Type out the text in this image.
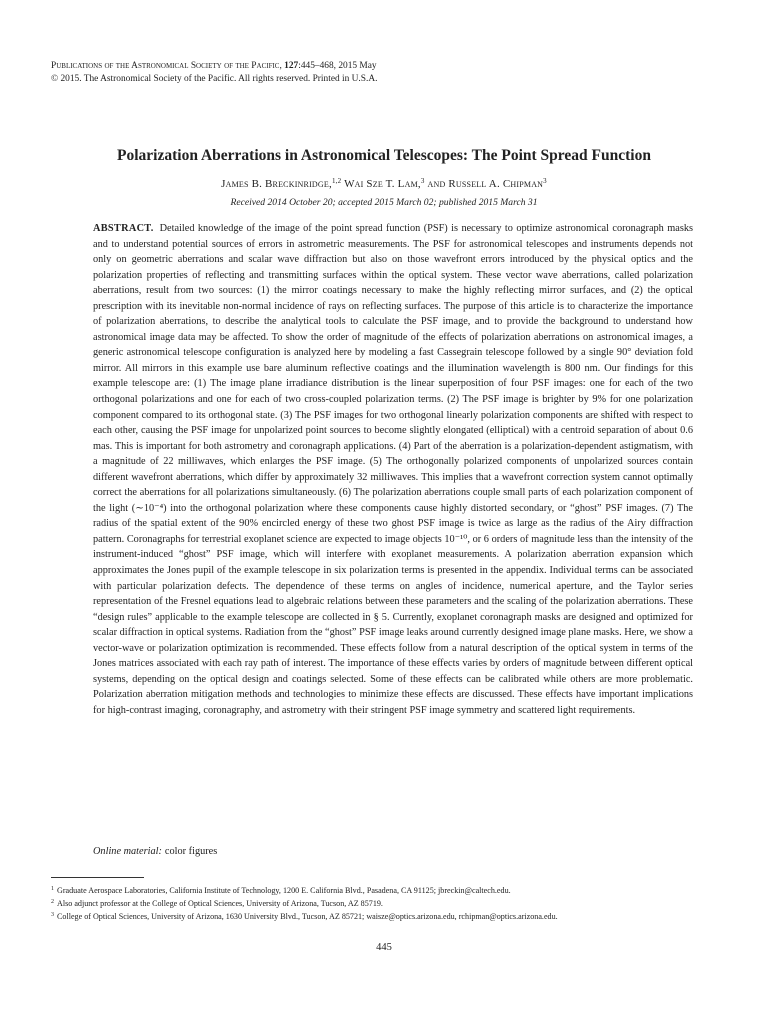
Publications of the Astronomical Society of the Pacific, 127:445–468, 2015 May
© 2015. The Astronomical Society of the Pacific. All rights reserved. Printed in U.S.A.
Polarization Aberrations in Astronomical Telescopes: The Point Spread Function
James B. Breckinridge,$^{1,2}$ Wai Sze T. Lam,$^3$ and Russell A. Chipman$^3$
Received 2014 October 20; accepted 2015 March 02; published 2015 March 31

ABSTRACT. Detailed knowledge of the image of the point spread function (PSF) is necessary to optimize astronomical coronagraph masks and to understand potential sources of errors in astrometric measurements. The PSF for astronomical telescopes and instruments depends not only on geometric aberrations and scalar wave diffraction but also on those wavefront errors introduced by the physical optics and the polarization properties of reflecting and transmitting surfaces within the optical system. These vector wave aberrations, called polarization aberrations, result from two sources: (1) the mirror coatings necessary to make the highly reflecting mirror surfaces, and (2) the optical prescription with its inevitable non-normal incidence of rays on reflecting surfaces. The purpose of this article is to characterize the importance of polarization aberrations, to describe the analytical tools to calculate the PSF image, and to provide the background to understand how astronomical image data may be affected. To show the order of magnitude of the effects of polarization aberrations on astronomical images, a generic astronomical telescope configuration is analyzed here by modeling a fast Cassegrain telescope followed by a single 90° deviation fold mirror. All mirrors in this example use bare aluminum reflective coatings and the illumination wavelength is 800 nm. Our findings for this example telescope are: (1) The image plane irradiance distribution is the linear superposition of four PSF images: one for each of the two orthogonal polarizations and one for each of two cross-coupled polarization terms. (2) The PSF image is brighter by 9% for one polarization component compared to its orthogonal state. (3) The PSF images for two orthogonal linearly polarization components are shifted with respect to each other, causing the PSF image for unpolarized point sources to become slightly elongated (elliptical) with a centroid separation of about 0.6 mas. This is important for both astrometry and coronagraph applications. (4) Part of the aberration is a polarization-dependent astigmatism, with a magnitude of 22 milliwaves, which enlarges the PSF image. (5) The orthogonally polarized components of unpolarized sources contain different wavefront aberrations, which differ by approximately 32 milliwaves. This implies that a wavefront correction system cannot optimally correct the aberrations for all polarizations simultaneously. (6) The polarization aberrations couple small parts of each polarization component of the light (∼10⁻⁴) into the orthogonal polarization where these components cause highly distorted secondary, or “ghost” PSF images. (7) The radius of the spatial extent of the 90% encircled energy of these two ghost PSF image is twice as large as the radius of the Airy diffraction pattern. Coronagraphs for terrestrial exoplanet science are expected to image objects 10⁻¹⁰, or 6 orders of magnitude less than the intensity of the instrument-induced “ghost” PSF image, which will interfere with exoplanet measurements. A polarization aberration expansion which approximates the Jones pupil of the example telescope in six polarization terms is presented in the appendix. Individual terms can be associated with particular polarization defects. The dependence of these terms on angles of incidence, numerical aperture, and the Taylor series representation of the Fresnel equations lead to algebraic relations between these parameters and the scaling of the polarization aberrations. These “design rules” applicable to the example telescope are collected in § 5. Currently, exoplanet coronagraph masks are designed and optimized for scalar diffraction in optical systems. Radiation from the “ghost” PSF image leaks around currently designed image plane masks. Here, we show a vector-wave or polarization optimization is recommended. These effects follow from a natural description of the optical system in terms of the Jones matrices associated with each ray path of interest. The importance of these effects varies by orders of magnitude between different optical systems, depending on the optical design and coatings selected. Some of these effects can be calibrated while others are more problematic. Polarization aberration mitigation methods and technologies to minimize these effects are discussed. These effects have important implications for high-contrast imaging, coronagraphy, and astrometry with their stringent PSF image symmetry and scattered light requirements.

Online material: color figures
$^1$ Graduate Aerospace Laboratories, California Institute of Technology, 1200 E. California Blvd., Pasadena, CA 91125; jbreckin@caltech.edu.
$^2$ Also adjunct professor at the College of Optical Sciences, University of Arizona, Tucson, AZ 85719.
$^3$ College of Optical Sciences, University of Arizona, 1630 University Blvd., Tucson, AZ 85721; waisze@optics.arizona.edu, rchipman@optics.arizona.edu.
445
